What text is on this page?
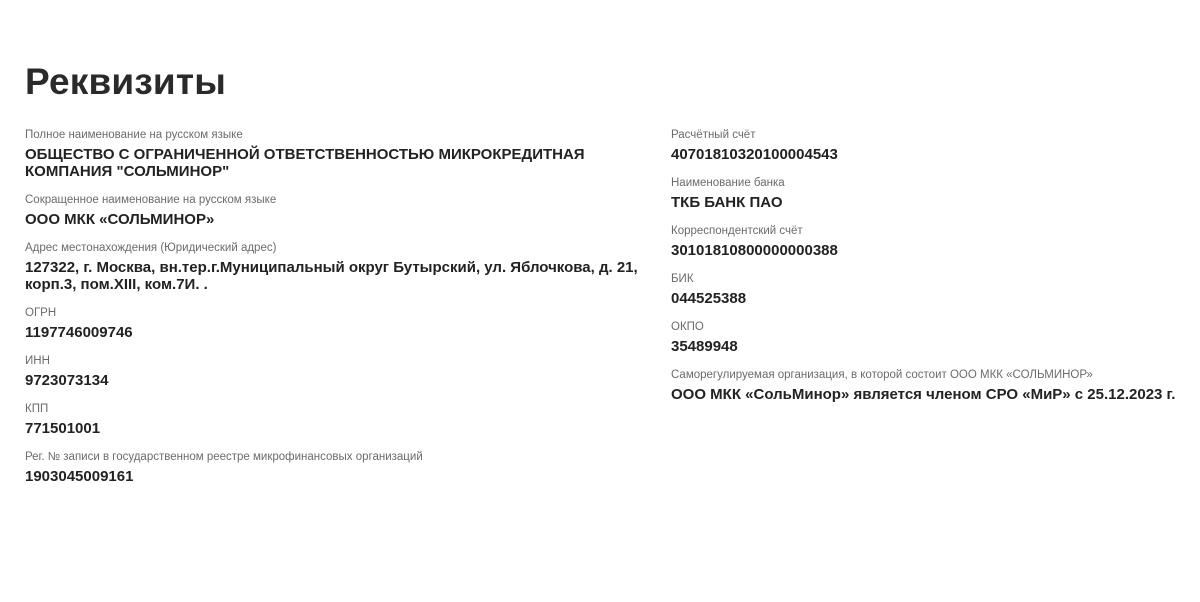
Реквизиты
Полное наименование на русском языке
ОБЩЕСТВО С ОГРАНИЧЕННОЙ ОТВЕТСТВЕННОСТЬЮ МИКРОКРЕДИТНАЯ КОМПАНИЯ "СОЛЬМИНОР"
Сокращенное наименование на русском языке
ООО МКК «СОЛЬМИНОР»
Адрес местонахождения (Юридический адрес)
127322, г. Москва, вн.тер.г.Муниципальный округ Бутырский, ул. Яблочкова, д. 21, корп.3, пом.XIII, ком.7И. .
ОГРН
1197746009746
ИНН
9723073134
КПП
771501001
Рег. № записи в государственном реестре микрофинансовых организаций
1903045009161
Расчётный счёт
40701810320100004543
Наименование банка
ТКБ БАНК ПАО
Корреспондентский счёт
30101810800000000388
БИК
044525388
ОКПО
35489948
Саморегулируемая организация, в которой состоит ООО МКК «СОЛЬМИНОР»
ООО МКК «СольМинор» является членом СРО «МиР» с 25.12.2023 г.
